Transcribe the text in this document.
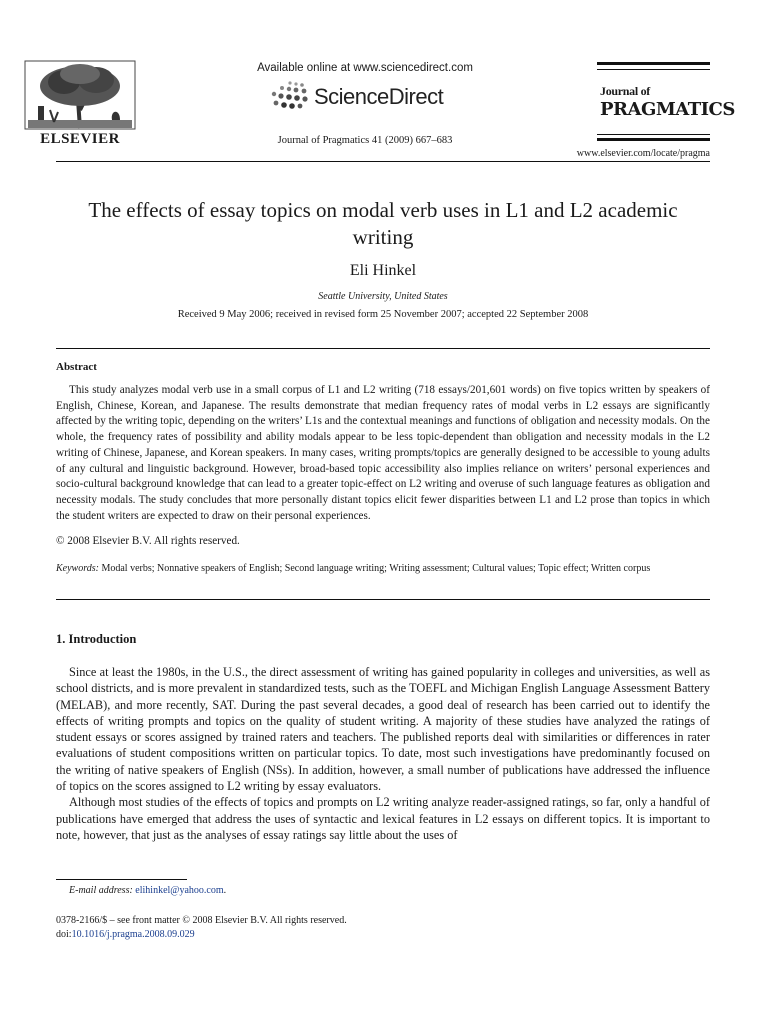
ELSEVIER
Available online at www.sciencedirect.com
ScienceDirect
Journal of Pragmatics 41 (2009) 667–683
Journal of
PRAGMATICS
www.elsevier.com/locate/pragma
The effects of essay topics on modal verb uses in L1 and L2 academic writing
Eli Hinkel
Seattle University, United States
Received 9 May 2006; received in revised form 25 November 2007; accepted 22 September 2008
Abstract
This study analyzes modal verb use in a small corpus of L1 and L2 writing (718 essays/201,601 words) on five topics written by speakers of English, Chinese, Korean, and Japanese. The results demonstrate that median frequency rates of modal verbs in L2 essays are significantly affected by the writing topic, depending on the writers’ L1s and the contextual meanings and functions of obligation and necessity modals. On the whole, the frequency rates of possibility and ability modals appear to be less topic-dependent than obligation and necessity modals in the L2 writing of Chinese, Japanese, and Korean speakers. In many cases, writing prompts/topics are generally designed to be accessible to young adults of any cultural and linguistic background. However, broad-based topic accessibility also implies reliance on writers’ personal experiences and socio-cultural background knowledge that can lead to a greater topic-effect on L2 writing and overuse of such language features as obligation and necessity modals. The study concludes that more personally distant topics elicit fewer disparities between L1 and L2 prose than topics in which the student writers are expected to draw on their personal experiences.
© 2008 Elsevier B.V. All rights reserved.
Keywords: Modal verbs; Nonnative speakers of English; Second language writing; Writing assessment; Cultural values; Topic effect; Written corpus
1. Introduction

Since at least the 1980s, in the U.S., the direct assessment of writing has gained popularity in colleges and universities, as well as school districts, and is more prevalent in standardized tests, such as the TOEFL and Michigan English Language Assessment Battery (MELAB), and more recently, SAT. During the past several decades, a good deal of research has been carried out to identify the effects of writing prompts and topics on the quality of student writing. A majority of these studies have analyzed the ratings of student essays or scores assigned by trained raters and teachers. The published reports deal with similarities or differences in rater evaluations of student compositions written on particular topics. To date, most such investigations have predominantly focused on the writing of native speakers of English (NSs). In addition, however, a small number of publications have addressed the influence of topics on the scores assigned to L2 writing by essay evaluators.

Although most studies of the effects of topics and prompts on L2 writing analyze reader-assigned ratings, so far, only a handful of publications have emerged that address the uses of syntactic and lexical features in L2 essays on different topics. It is important to note, however, that just as the analyses of essay ratings say little about the uses of

E-mail address: elihinkel@yahoo.com.
0378-2166/$ – see front matter © 2008 Elsevier B.V. All rights reserved.
doi:10.1016/j.pragma.2008.09.029
